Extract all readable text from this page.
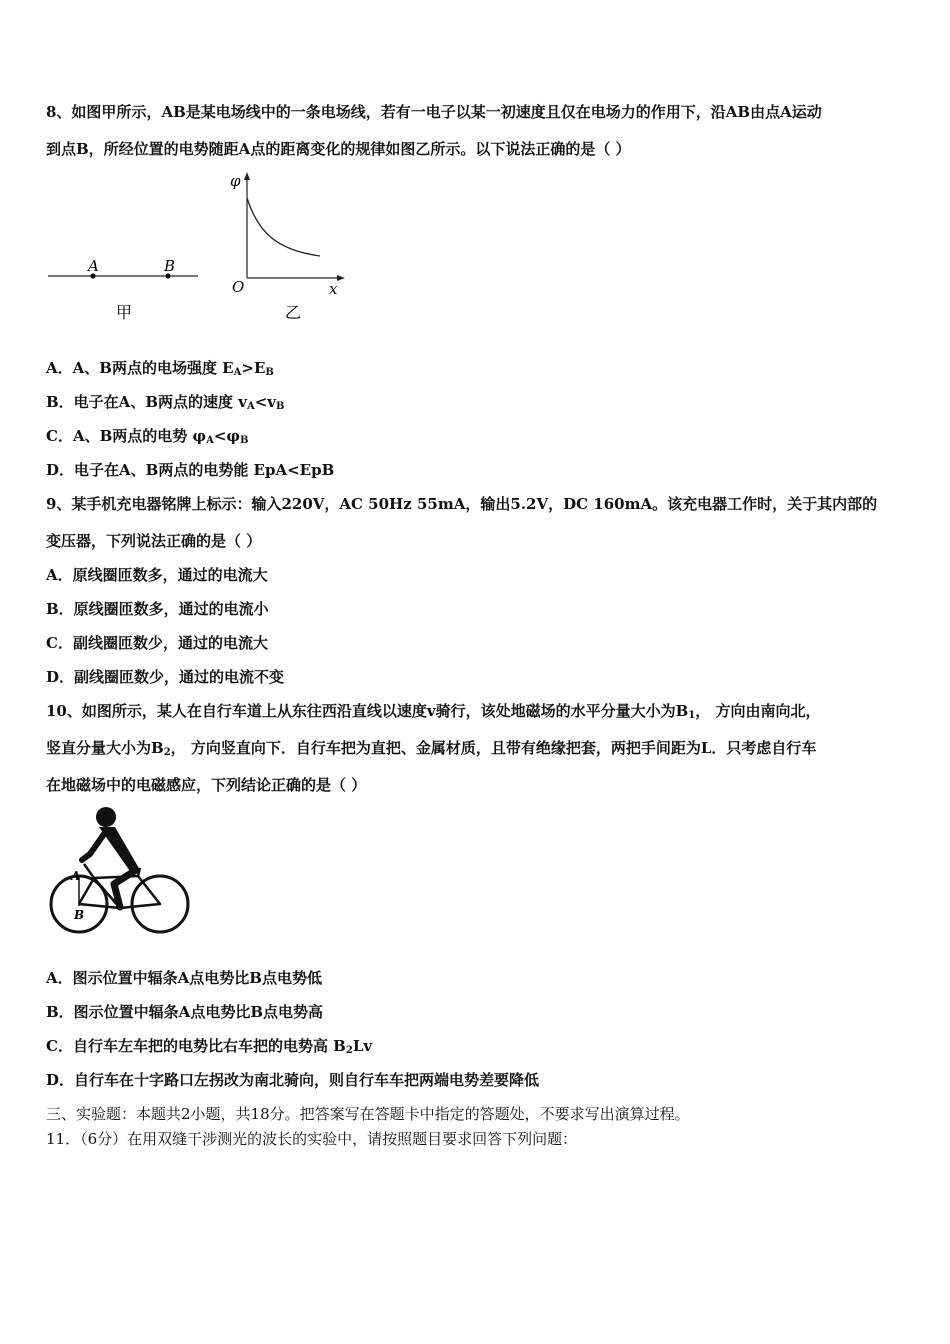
8、如图甲所示，AB是某电场线中的一条电场线，若有一电子以某一初速度且仅在电场力的作用下，沿AB由点A运动
到点B，所经位置的电势随距A点的距离变化的规律如图乙所示。以下说法正确的是（ ）
A	B
甲
φ
O	x
乙
A．A、B两点的电场强度 $E_A>E_B$
B．电子在A、B两点的速度 $v_A<v_B$
C．A、B两点的电势 $\varphi_A<\varphi_B$
D．电子在A、B两点的电势能 EpA<EpB
9、某手机充电器铭牌上标示：输入220V，AC 50Hz 55mA，输出5.2V，DC 160mA。该充电器工作时，关于其内部的
变压器，下列说法正确的是（ ）
A．原线圈匝数多，通过的电流大
B．原线圈匝数多，通过的电流小
C．副线圈匝数少，通过的电流大
D．副线圈匝数少，通过的电流不变
10、如图所示，某人在自行车道上从东往西沿直线以速度v骑行，该处地磁场的水平分量大小为$B_1$， 方向由南向北，
竖直分量大小为$B_2$， 方向竖直向下．自行车把为直把、金属材质，且带有绝缘把套，两把手间距为L．只考虑自行车
在地磁场中的电磁感应，下列结论正确的是（ ）
A
B
A．图示位置中辐条A点电势比B点电势低
B．图示位置中辐条A点电势比B点电势高
C．自行车左车把的电势比右车把的电势高 $B_2Lv$
D．自行车在十字路口左拐改为南北骑向，则自行车车把两端电势差要降低
三、实验题：本题共2小题，共18分。把答案写在答题卡中指定的答题处，不要求写出演算过程。
11．（6分）在用双缝干涉测光的波长的实验中，请按照题目要求回答下列问题：
